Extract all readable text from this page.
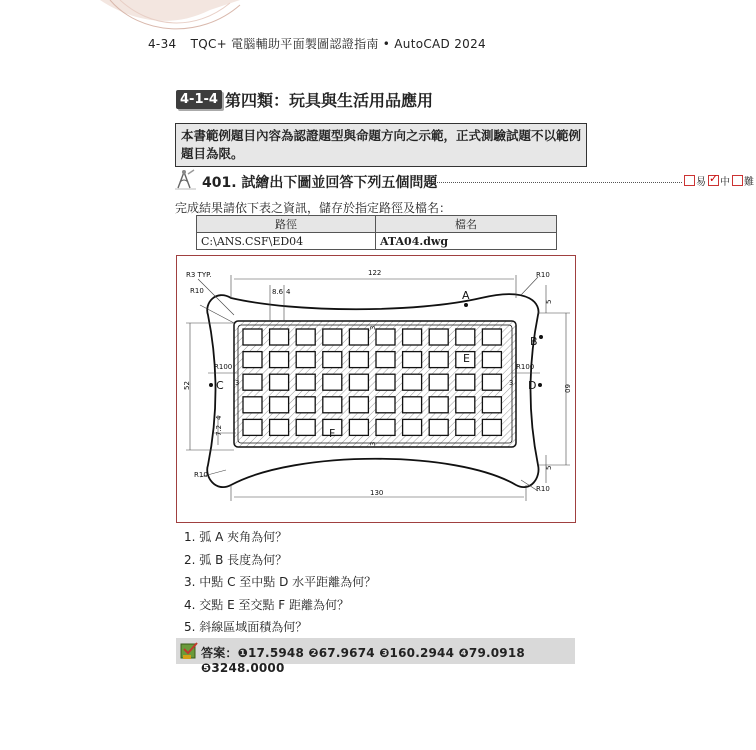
4-34 TQC+ 電腦輔助平面製圖認證指南 • AutoCAD 2024
4-1-4 第四類：玩具與生活用品應用
本書範例題目內容為認證題型與命題方向之示範，正式測驗試題不以範例題目為限。
401. 試繪出下圖並回答下列五個問題	易
✓ 中 難
完成結果請依下表之資訊，儲存於指定路徑及檔名：
路徑	檔名
C:\ANS.CSF\ED04	ATA04.dwg
R3 TYP.
R10
R10
R10
R10
122
130
8.6 4
R100	R100
3
3
3	3
52	60
5
5
7.2
4
A
B
C	D
E
F
1. 弧 A 夾角為何？
2. 弧 B 長度為何？
3. 中點 C 至中點 D 水平距離為何？
4. 交點 E 至交點 F 距離為何？
5. 斜線區域面積為何？
答案：❶17.5948 ❷67.9674 ❸160.2944 ❹79.0918 ❺3248.0000
